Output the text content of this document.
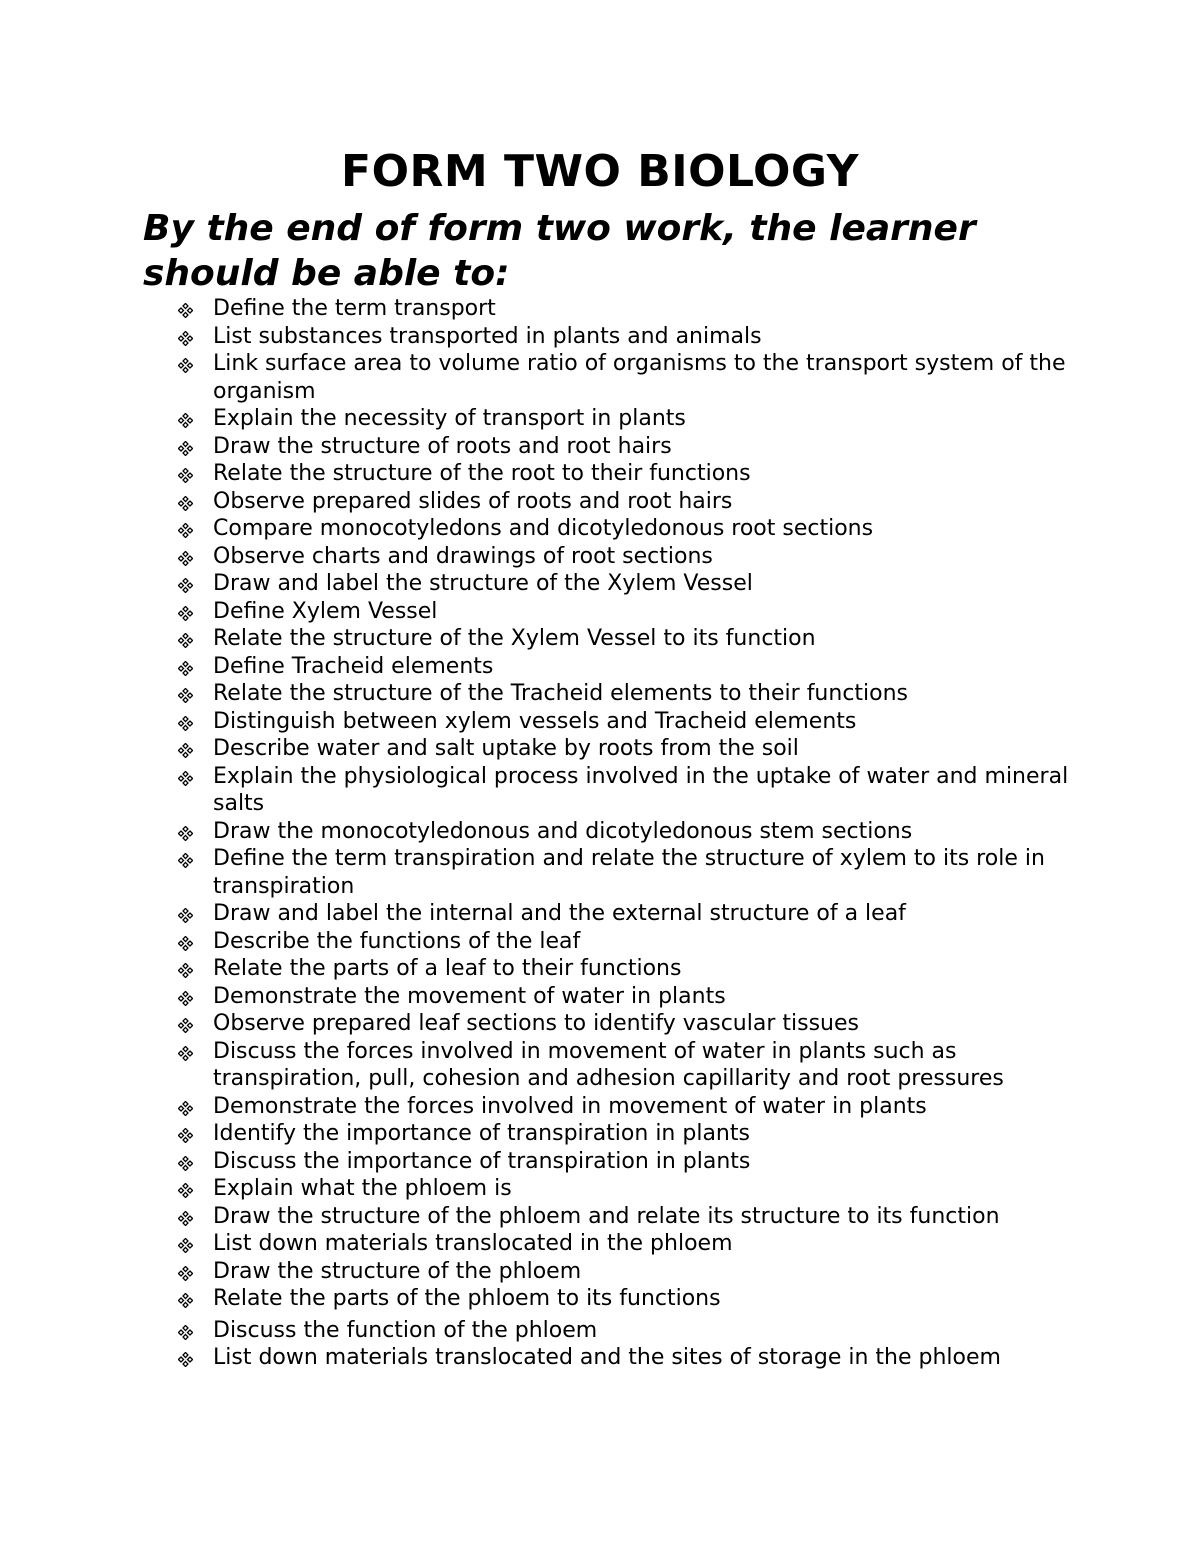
FORM TWO BIOLOGY
By the end of form two work, the learner should be able to:
Define the term transport
List substances transported in plants and animals
Link surface area to volume ratio of organisms to the transport system of the organism
Explain the necessity of transport in plants
Draw the structure of roots and root hairs
Relate the structure of the root to their functions
Observe prepared slides of roots and root hairs
Compare monocotyledons and dicotyledonous root sections
Observe charts and drawings of root sections
Draw and label the structure of the Xylem Vessel
Define Xylem Vessel
Relate the structure of the Xylem Vessel to its function
Define Tracheid elements
Relate the structure of the Tracheid elements to their functions
Distinguish between xylem vessels and Tracheid elements
Describe water and salt uptake by roots from the soil
Explain the physiological process involved in the uptake of water and mineral salts
Draw the monocotyledonous and dicotyledonous stem sections
Define the term transpiration and relate the structure of xylem to its role in transpiration
Draw and label the internal and the external structure of a leaf
Describe the functions of the leaf
Relate the parts of a leaf to their functions
Demonstrate the movement of water in plants
Observe prepared leaf sections to identify vascular tissues
Discuss the forces involved in movement of water in plants such as transpiration, pull, cohesion and adhesion capillarity and root pressures
Demonstrate the forces involved in movement of water in plants
Identify the importance of transpiration in plants
Discuss the importance of transpiration in plants
Explain what the phloem is
Draw the structure of the phloem and relate its structure to its function
List down materials translocated in the phloem
Draw the structure of the phloem
Relate the parts of the phloem to its functions
Discuss the function of the phloem
List down materials translocated and the sites of storage in the phloem
